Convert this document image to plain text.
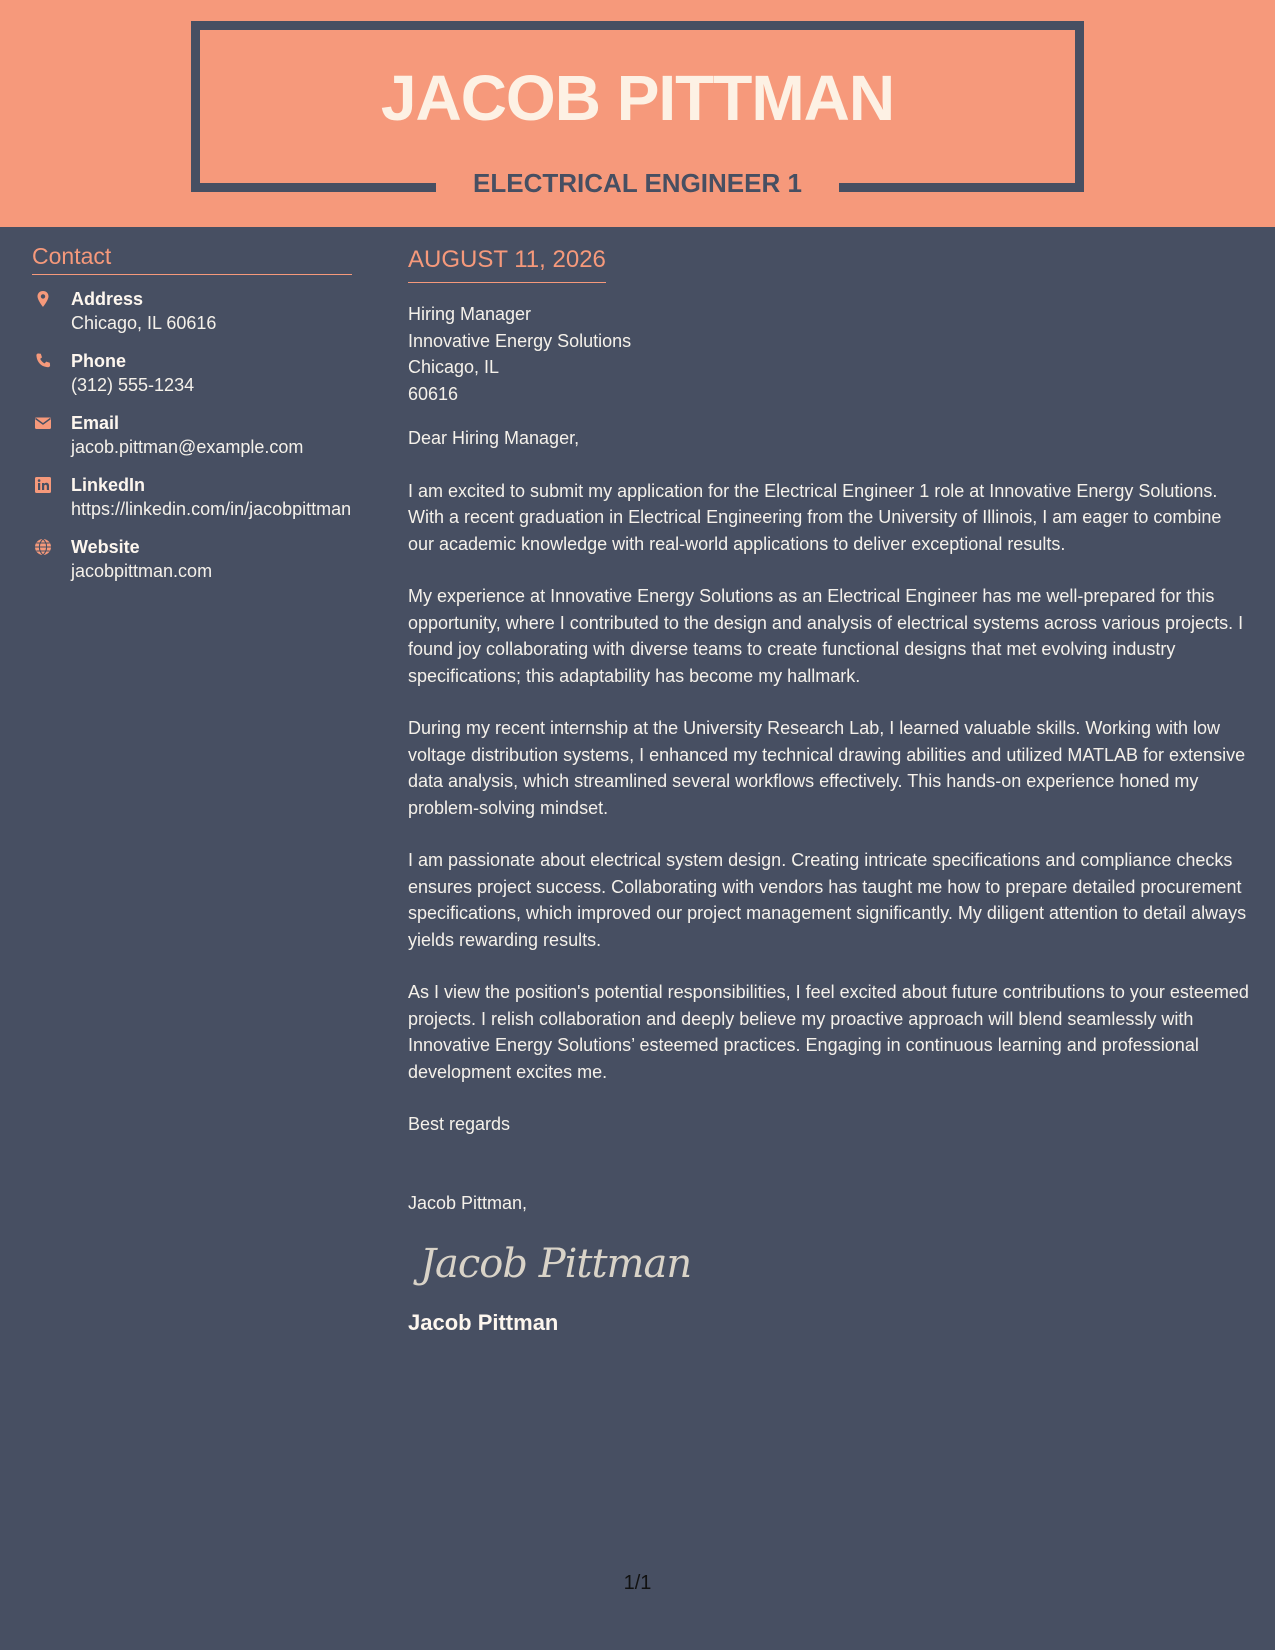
JACOB PITTMAN
ELECTRICAL ENGINEER 1
Contact
Address
Chicago, IL 60616
Phone
(312) 555-1234
Email
jacob.pittman@example.com
LinkedIn
https://linkedin.com/in/jacobpittman
Website
jacobpittman.com
AUGUST 11, 2026
Hiring Manager
Innovative Energy Solutions
Chicago, IL
60616
Dear Hiring Manager,
I am excited to submit my application for the Electrical Engineer 1 role at Innovative Energy Solutions. With a recent graduation in Electrical Engineering from the University of Illinois, I am eager to combine our academic knowledge with real-world applications to deliver exceptional results.
My experience at Innovative Energy Solutions as an Electrical Engineer has me well-prepared for this opportunity, where I contributed to the design and analysis of electrical systems across various projects. I found joy collaborating with diverse teams to create functional designs that met evolving industry specifications; this adaptability has become my hallmark.
During my recent internship at the University Research Lab, I learned valuable skills. Working with low voltage distribution systems, I enhanced my technical drawing abilities and utilized MATLAB for extensive data analysis, which streamlined several workflows effectively. This hands-on experience honed my problem-solving mindset.
I am passionate about electrical system design. Creating intricate specifications and compliance checks ensures project success. Collaborating with vendors has taught me how to prepare detailed procurement specifications, which improved our project management significantly. My diligent attention to detail always yields rewarding results.
As I view the position's potential responsibilities, I feel excited about future contributions to your esteemed projects. I relish collaboration and deeply believe my proactive approach will blend seamlessly with Innovative Energy Solutions’ esteemed practices. Engaging in continuous learning and professional development excites me.
Best regards
Jacob Pittman,
Jacob Pittman
Jacob Pittman
1/1
